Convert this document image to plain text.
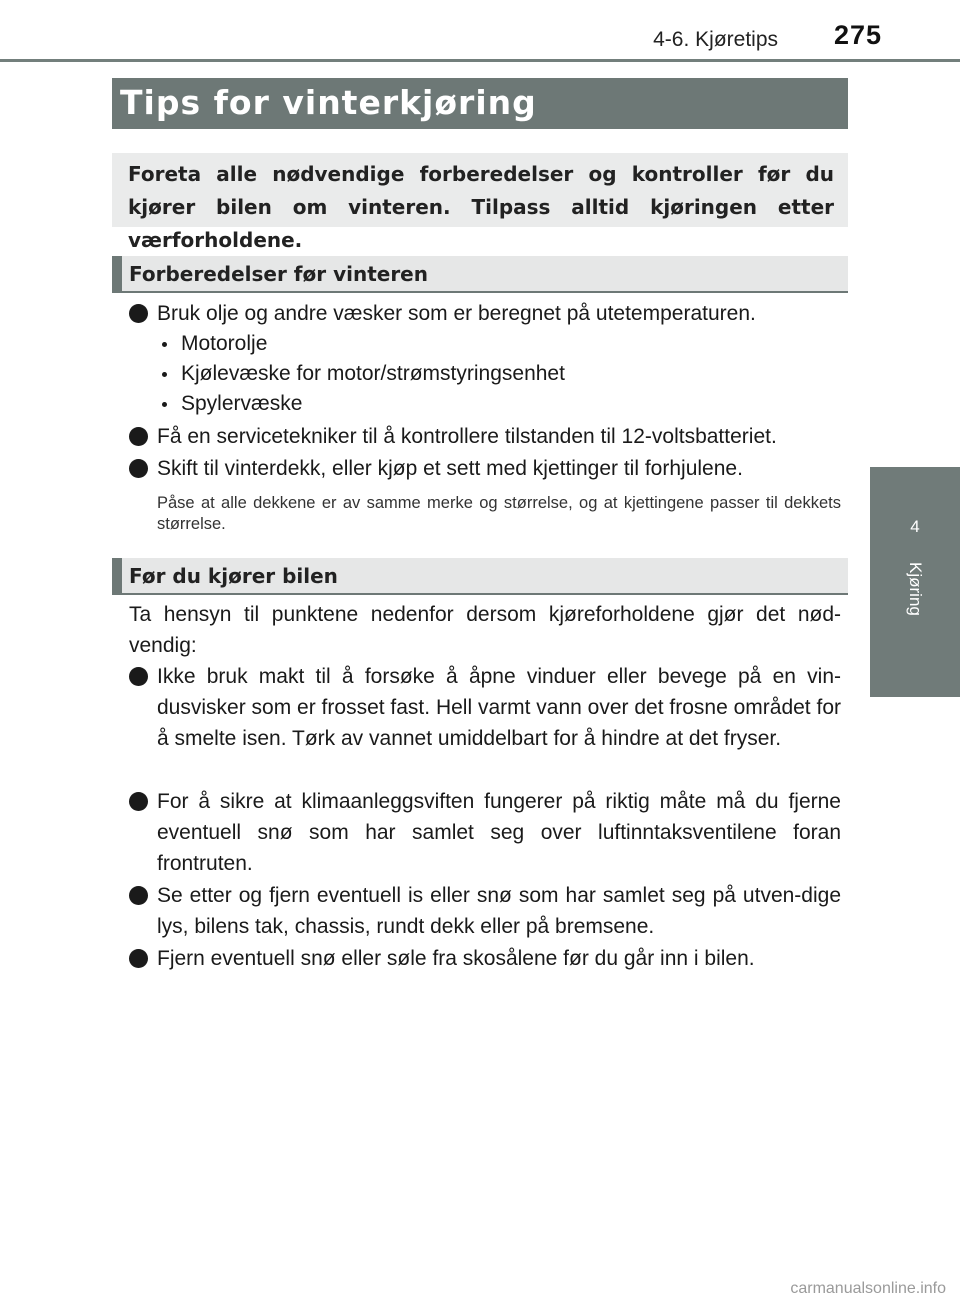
4-6. Kjøretips 275
4
Kjøring
Tips for vinterkjøring
Foreta alle nødvendige forberedelser og kontroller før du kjører bilen om vinteren. Tilpass alltid kjøringen etter værforholdene.
Forberedelser før vinteren
Bruk olje og andre væsker som er beregnet på utetemperaturen.
Motorolje
Kjølevæske for motor/strømstyringsenhet
Spylervæske
Få en servicetekniker til å kontrollere tilstanden til 12-voltsbatteriet.
Skift til vinterdekk, eller kjøp et sett med kjettinger til forhjulene.
Påse at alle dekkene er av samme merke og størrelse, og at kjettingene passer til dekkets størrelse.
Før du kjører bilen
Ta hensyn til punktene nedenfor dersom kjøreforholdene gjør det nød-vendig:
Ikke bruk makt til å forsøke å åpne vinduer eller bevege på en vin-dusvisker som er frosset fast. Hell varmt vann over det frosne området for å smelte isen. Tørk av vannet umiddelbart for å hindre at det fryser.
For å sikre at klimaanleggsviften fungerer på riktig måte må du fjerne eventuell snø som har samlet seg over luftinntaksventilene foran frontruten.
Se etter og fjern eventuell is eller snø som har samlet seg på utven-dige lys, bilens tak, chassis, rundt dekk eller på bremsene.
Fjern eventuell snø eller søle fra skosålene før du går inn i bilen.
carmanualsonline.info
